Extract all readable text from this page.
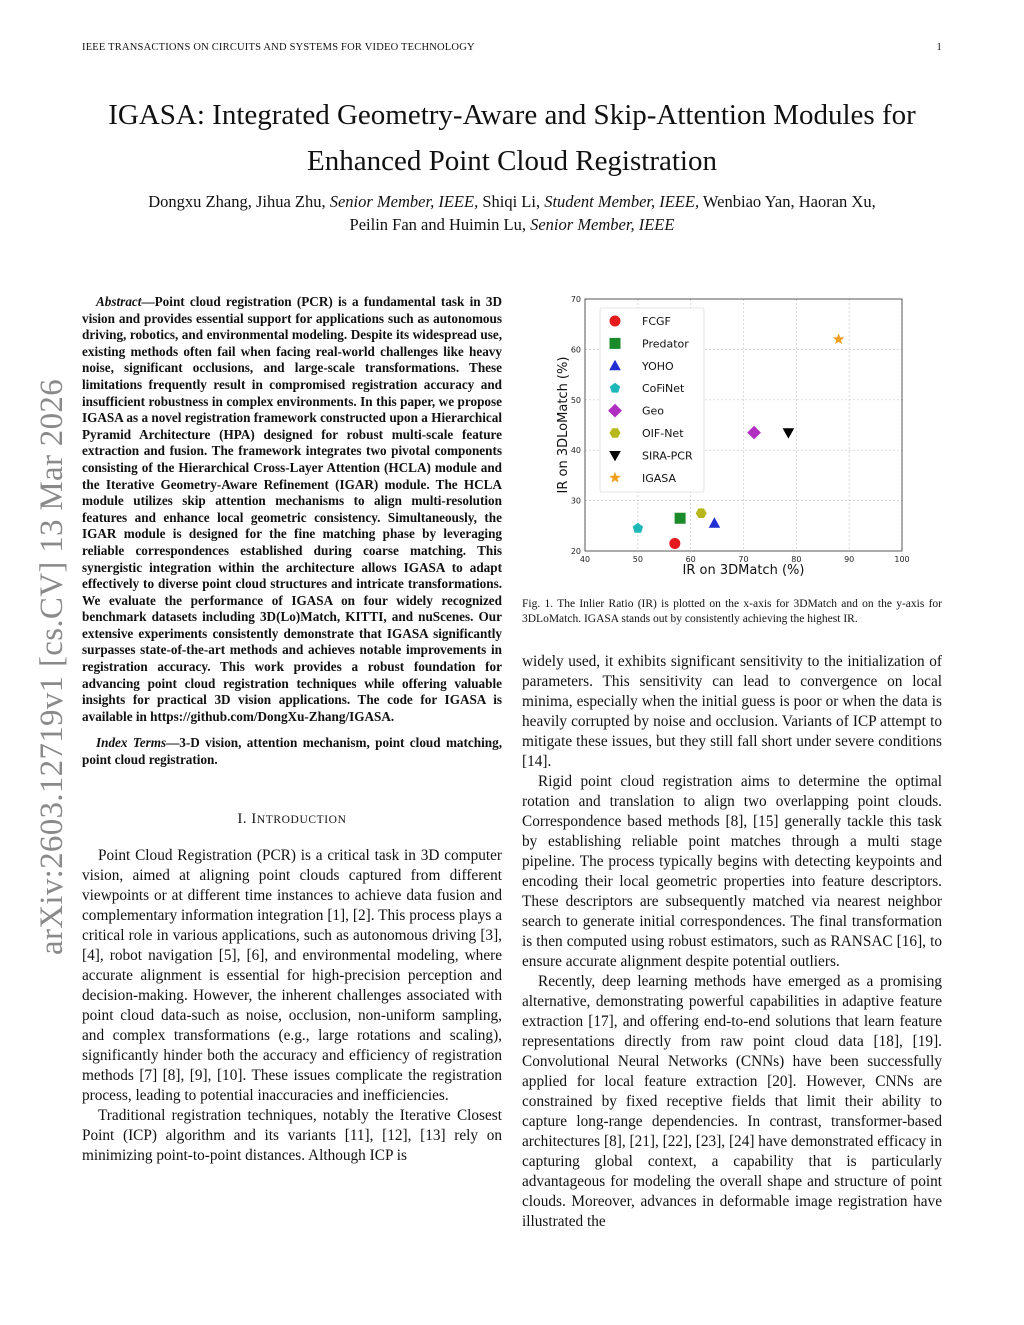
IEEE TRANSACTIONS ON CIRCUITS AND SYSTEMS FOR VIDEO TECHNOLOGY	1
arXiv:2603.12719v1 [cs.CV] 13 Mar 2026
IGASA: Integrated Geometry-Aware and Skip-Attention Modules for
Enhanced Point Cloud Registration
Dongxu Zhang, Jihua Zhu, Senior Member, IEEE, Shiqi Li, Student Member, IEEE, Wenbiao Yan, Haoran Xu,
Peilin Fan and Huimin Lu, Senior Member, IEEE

Abstract—Point cloud registration (PCR) is a fundamental task in 3D vision and provides essential support for applications such as autonomous driving, robotics, and environmental modeling. Despite its widespread use, existing methods often fail when facing real-world challenges like heavy noise, significant occlusions, and large-scale transformations. These limitations frequently result in compromised registration accuracy and insufficient robustness in complex environments. In this paper, we propose IGASA as a novel registration framework constructed upon a Hierarchical Pyramid Architecture (HPA) designed for robust multi-scale feature extraction and fusion. The framework integrates two pivotal components consisting of the Hierarchical Cross-Layer Attention (HCLA) module and the Iterative Geometry-Aware Refinement (IGAR) module. The HCLA module utilizes skip attention mechanisms to align multi-resolution features and enhance local geometric consistency. Simultaneously, the IGAR module is designed for the fine matching phase by leveraging reliable correspondences established during coarse matching. This synergistic integration within the architecture allows IGASA to adapt effectively to diverse point cloud structures and intricate transformations. We evaluate the performance of IGASA on four widely recognized benchmark datasets including 3D(Lo)Match, KITTI, and nuScenes. Our extensive experiments consistently demonstrate that IGASA significantly surpasses state-of-the-art methods and achieves notable improvements in registration accuracy. This work provides a robust foundation for advancing point cloud registration techniques while offering valuable insights for practical 3D vision applications. The code for IGASA is available in https://github.com/DongXu-Zhang/IGASA.

Index Terms—3-D vision, attention mechanism, point cloud matching, point cloud registration.

I. INTRODUCTION

Point Cloud Registration (PCR) is a critical task in 3D computer vision, aimed at aligning point clouds captured from different viewpoints or at different time instances to achieve data fusion and complementary information integration [1], [2]. This process plays a critical role in various applications, such as autonomous driving [3], [4], robot navigation [5], [6], and environmental modeling, where accurate alignment is essential for high-precision perception and decision-making. However, the inherent challenges associated with point cloud data-such as noise, occlusion, non-uniform sampling, and complex transformations (e.g., large rotations and scaling), significantly hinder both the accuracy and efficiency of registration methods [7] [8], [9], [10]. These issues complicate the registration process, leading to potential inaccuracies and inefficiencies.

Traditional registration techniques, notably the Iterative Closest Point (ICP) algorithm and its variants [11], [12], [13] rely on minimizing point-to-point distances. Although ICP is

40	50	60	70	80	90	100
20
30
40
50
60
70
FCGF
Predator
YOHO
CoFiNet
Geo
OIF-Net
SIRA-PCR
IGASA
IR on 3DMatch (%)
IR on 3DLoMatch (%)
Fig. 1. The Inlier Ratio (IR) is plotted on the x-axis for 3DMatch and on the y-axis for 3DLoMatch. IGASA stands out by consistently achieving the highest IR.

widely used, it exhibits significant sensitivity to the initialization of parameters. This sensitivity can lead to convergence on local minima, especially when the initial guess is poor or when the data is heavily corrupted by noise and occlusion. Variants of ICP attempt to mitigate these issues, but they still fall short under severe conditions [14].

Rigid point cloud registration aims to determine the optimal rotation and translation to align two overlapping point clouds. Correspondence based methods [8], [15] generally tackle this task by establishing reliable point matches through a multi stage pipeline. The process typically begins with detecting keypoints and encoding their local geometric properties into feature descriptors. These descriptors are subsequently matched via nearest neighbor search to generate initial correspondences. The final transformation is then computed using robust estimators, such as RANSAC [16], to ensure accurate alignment despite potential outliers.

Recently, deep learning methods have emerged as a promising alternative, demonstrating powerful capabilities in adaptive feature extraction [17], and offering end-to-end solutions that learn feature representations directly from raw point cloud data [18], [19]. Convolutional Neural Networks (CNNs) have been successfully applied for local feature extraction [20]. However, CNNs are constrained by fixed receptive fields that limit their ability to capture long-range dependencies. In contrast, transformer-based architectures [8], [21], [22], [23], [24] have demonstrated efficacy in capturing global context, a capability that is particularly advantageous for modeling the overall shape and structure of point clouds. Moreover, advances in deformable image registration have illustrated the
